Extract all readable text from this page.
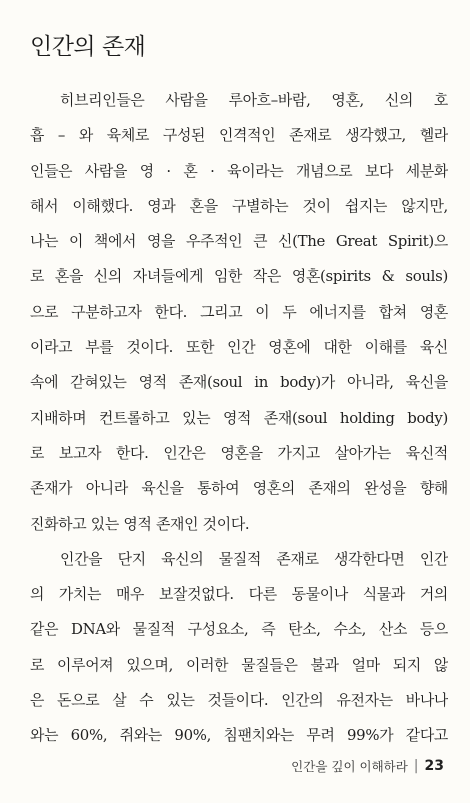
인간의 존재
히브리인들은 사람을 루아흐–바람, 영혼, 신의 호
흡 – 와 육체로 구성된 인격적인 존재로 생각했고, 헬라
인들은 사람을 영 · 혼 · 육이라는 개념으로 보다 세분화
해서 이해했다. 영과 혼을 구별하는 것이 쉽지는 않지만,
나는 이 책에서 영을 우주적인 큰 신(The Great Spirit)으
로 혼을 신의 자녀들에게 임한 작은 영혼(spirits & souls)
으로 구분하고자 한다. 그리고 이 두 에너지를 합쳐 영혼
이라고 부를 것이다. 또한 인간 영혼에 대한 이해를 육신
속에 갇혀있는 영적 존재(soul in body)가 아니라, 육신을
지배하며 컨트롤하고 있는 영적 존재(soul holding body)
로 보고자 한다. 인간은 영혼을 가지고 살아가는 육신적
존재가 아니라 육신을 통하여 영혼의 존재의 완성을 향해
진화하고 있는 영적 존재인 것이다.
인간을 단지 육신의 물질적 존재로 생각한다면 인간
의 가치는 매우 보잘것없다. 다른 동물이나 식물과 거의
같은 DNA와 물질적 구성요소, 즉 탄소, 수소, 산소 등으
로 이루어져 있으며, 이러한 물질들은 불과 얼마 되지 않
은 돈으로 살 수 있는 것들이다. 인간의 유전자는 바나나
와는 60%, 쥐와는 90%, 침팬치와는 무려 99%가 같다고
인간을 깊이 이해하라 | 23
